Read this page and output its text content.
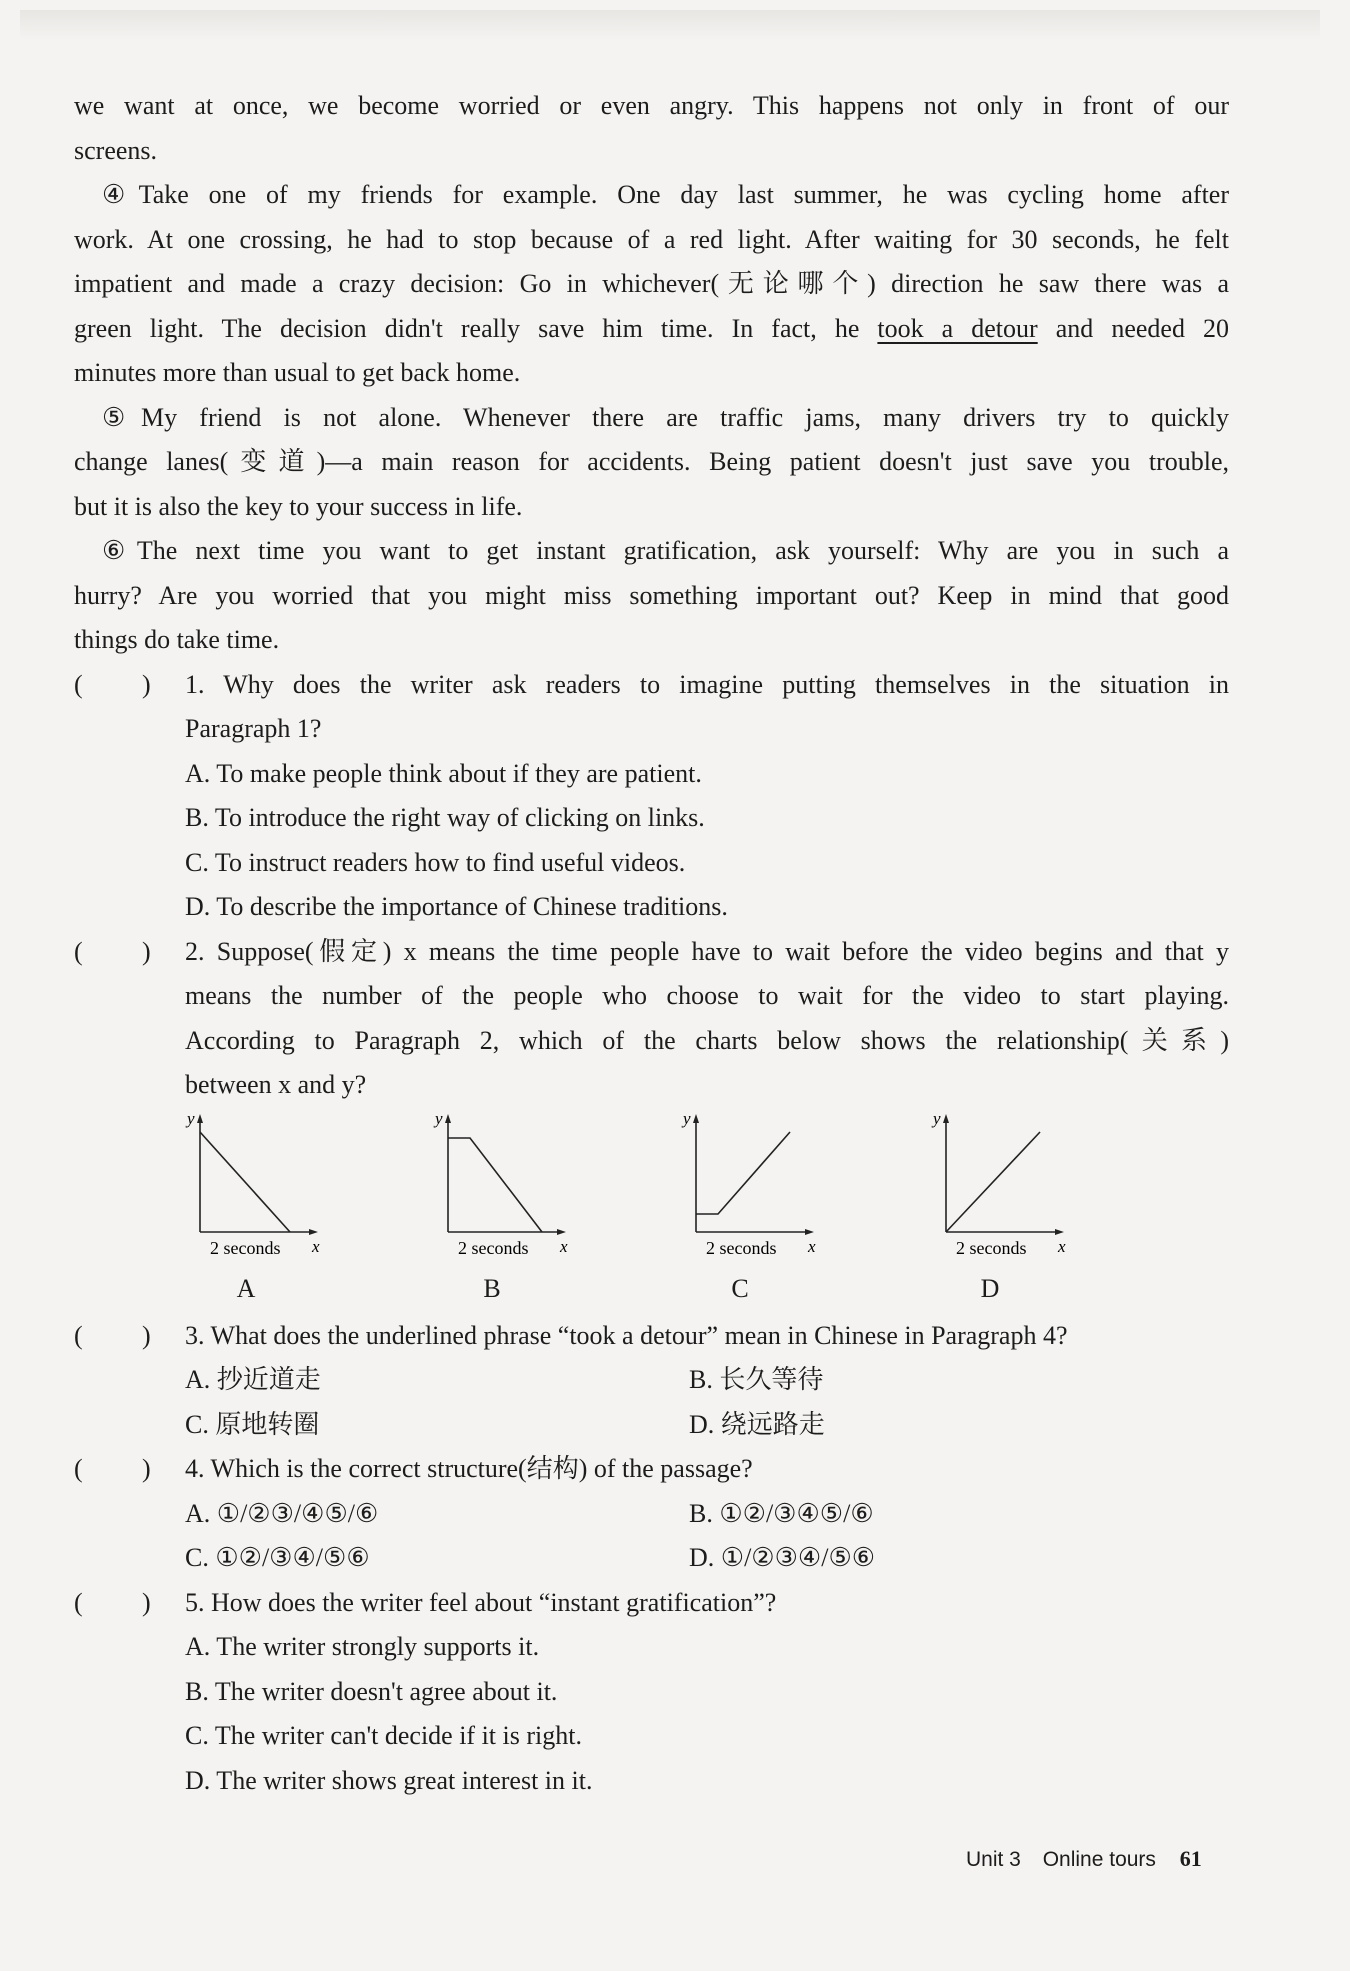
we want at once, we become worried or even angry. This happens not only in front of our
screens.
④Take one of my friends for example. One day last summer, he was cycling home after
work. At one crossing, he had to stop because of a red light. After waiting for 30 seconds, he felt
impatient and made a crazy decision: Go in whichever(无论哪个) direction he saw there was a
green light. The decision didn't really save him time. In fact, he took a detour and needed 20
minutes more than usual to get back home.
⑤My friend is not alone. Whenever there are traffic jams, many drivers try to quickly
change lanes(变道)—a main reason for accidents. Being patient doesn't just save you trouble,
but it is also the key to your success in life.
⑥The next time you want to get instant gratification, ask yourself: Why are you in such a
hurry? Are you worried that you might miss something important out? Keep in mind that good
things do take time.
( ) 1. Why does the writer ask readers to imagine putting themselves in the situation in
Paragraph 1?
A. To make people think about if they are patient.
B. To introduce the right way of clicking on links.
C. To instruct readers how to find useful videos.
D. To describe the importance of Chinese traditions.
( ) 2. Suppose(假定) x means the time people have to wait before the video begins and that y
means the number of the people who choose to wait for the video to start playing.
According to Paragraph 2, which of the charts below shows the relationship(关系)
between x and y?
y
x
2 seconds
A
y
x
2 seconds
B
y
x
2 seconds
C
y
x
2 seconds
D
( ) 3. What does the underlined phrase “took a detour” mean in Chinese in Paragraph 4?
A. 抄近道走	B. 长久等待
C. 原地转圈	D. 绕远路走
( ) 4. Which is the correct structure(结构) of the passage?
A. ①/②③/④⑤/⑥	B. ①②/③④⑤/⑥
C. ①②/③④/⑤⑥	D. ①/②③④/⑤⑥
( ) 5. How does the writer feel about “instant gratification”?
A. The writer strongly supports it.
B. The writer doesn't agree about it.
C. The writer can't decide if it is right.
D. The writer shows great interest in it.
Unit 3 Online tours 61
